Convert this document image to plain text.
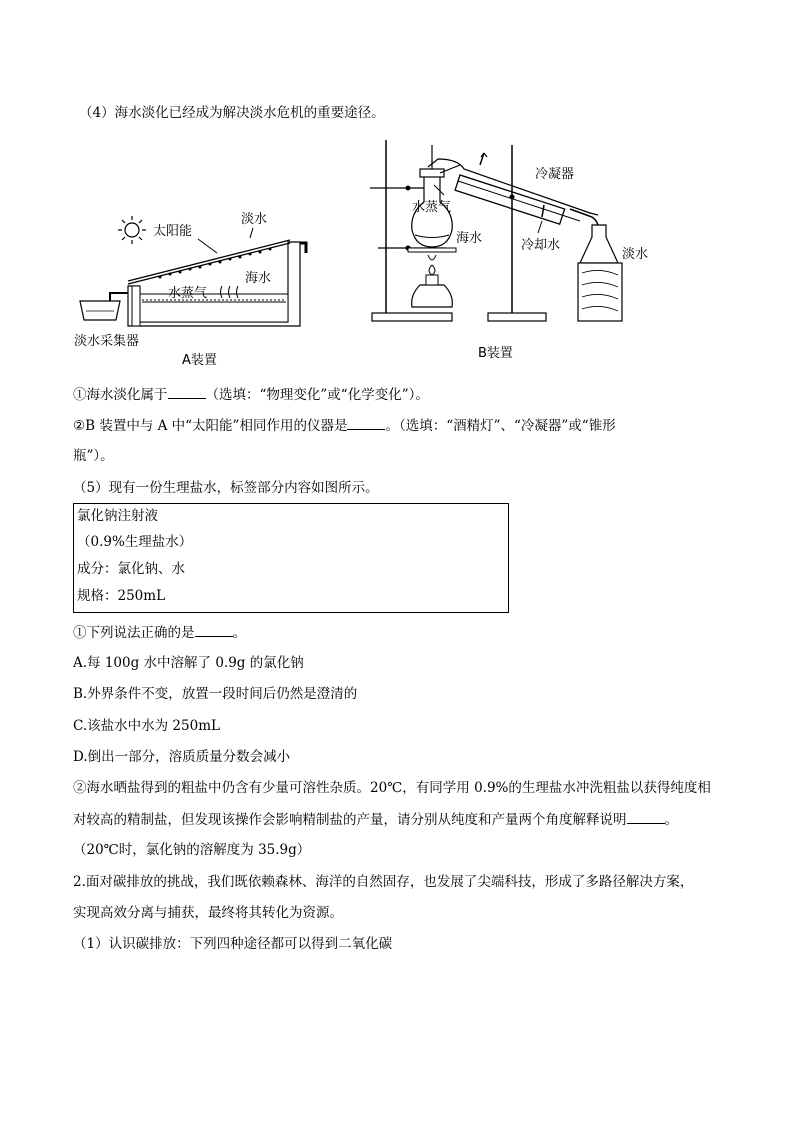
（4）海水淡化已经成为解决淡水危机的重要途径。
太阳能
淡水
水蒸气
海水
淡水采集器
A装置
冷凝器
水蒸气
海水	冷却水
淡水
B装置
①海水淡化属于	（选填：“物理变化”或“化学变化”）。
②B 装置中与 A 中“太阳能”相同作用的仪器是	。（选填：“酒精灯”、“冷凝器”或“锥形
瓶”）。
（5）现有一份生理盐水，标签部分内容如图所示。
氯化钠注射液
（0.9%生理盐水）
成分：氯化钠、水
规格：250mL
①下列说法正确的是	。
A.每 100g 水中溶解了 0.9g 的氯化钠
B.外界条件不变，放置一段时间后仍然是澄清的
C.该盐水中水为 250mL
D.倒出一部分，溶质质量分数会减小
②海水晒盐得到的粗盐中仍含有少量可溶性杂质。20℃，有同学用 0.9%的生理盐水冲洗粗盐以获得纯度相
对较高的精制盐，但发现该操作会影响精制盐的产量，请分别从纯度和产量两个角度解释说明	。
（20℃时，氯化钠的溶解度为 35.9g）
2.面对碳排放的挑战，我们既依赖森林、海洋的自然固存，也发展了尖端科技，形成了多路径解决方案，
实现高效分离与捕获，最终将其转化为资源。
（1）认识碳排放：下列四种途径都可以得到二氧化碳
